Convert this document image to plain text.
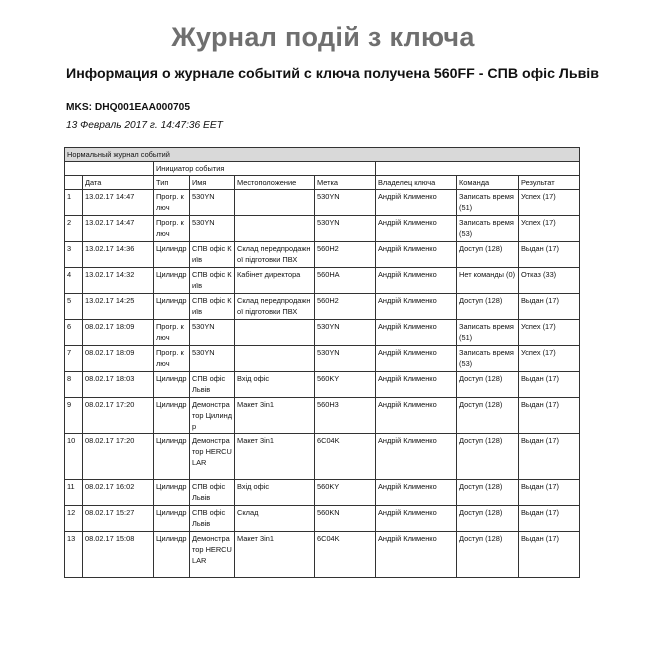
Журнал подій з ключа
Информация о журнале событий с ключа получена 560FF - СПВ офіс Львів
MKS: DHQ001EAA000705
13 Февраль 2017 г. 14:47:36 EET
Нормальный журнал событий								
		Инициатор события						
	Дата	Тип	Имя	Местоположение	Метка	Владелец ключа	Команда	Результат
1	13.02.17 14:47	Прогр. ключ	530YN		530YN	Андрій Клименко	Записать время (51)	Успех (17)
2	13.02.17 14:47	Прогр. ключ	530YN		530YN	Андрій Клименко	Записать время (53)	Успех (17)
3	13.02.17 14:36	Цилиндр	СПВ офіс Київ	Склад передпродажної підготовки ПВХ	560H2	Андрій Клименко	Доступ (128)	Выдан (17)
4	13.02.17 14:32	Цилиндр	СПВ офіс Київ	Кабінет директора	560HA	Андрій Клименко	Нет команды (0)	Отказ (33)
5	13.02.17 14:25	Цилиндр	СПВ офіс Київ	Склад передпродажної підготовки ПВХ	560H2	Андрій Клименко	Доступ (128)	Выдан (17)
6	08.02.17 18:09	Прогр. ключ	530YN		530YN	Андрій Клименко	Записать время (51)	Успех (17)
7	08.02.17 18:09	Прогр. ключ	530YN		530YN	Андрій Клименко	Записать время (53)	Успех (17)
8	08.02.17 18:03	Цилиндр	СПВ офіс Львів	Вхід офіс	560KY	Андрій Клименко	Доступ (128)	Выдан (17)
9	08.02.17 17:20	Цилиндр	Демонстратор Цилиндр	Макет 3in1	560H3	Андрій Клименко	Доступ (128)	Выдан (17)
10	08.02.17 17:20	Цилиндр	Демонстратор HERCULAR	Макет 3in1	6C04K	Андрій Клименко	Доступ (128)	Выдан (17)
11	08.02.17 16:02	Цилиндр	СПВ офіс Львів	Вхід офіс	560KY	Андрій Клименко	Доступ (128)	Выдан (17)
12	08.02.17 15:27	Цилиндр	СПВ офіс Львів	Склад	560KN	Андрій Клименко	Доступ (128)	Выдан (17)
13	08.02.17 15:08	Цилиндр	Демонстратор HERCULAR	Макет 3in1	6C04K	Андрій Клименко	Доступ (128)	Выдан (17)
